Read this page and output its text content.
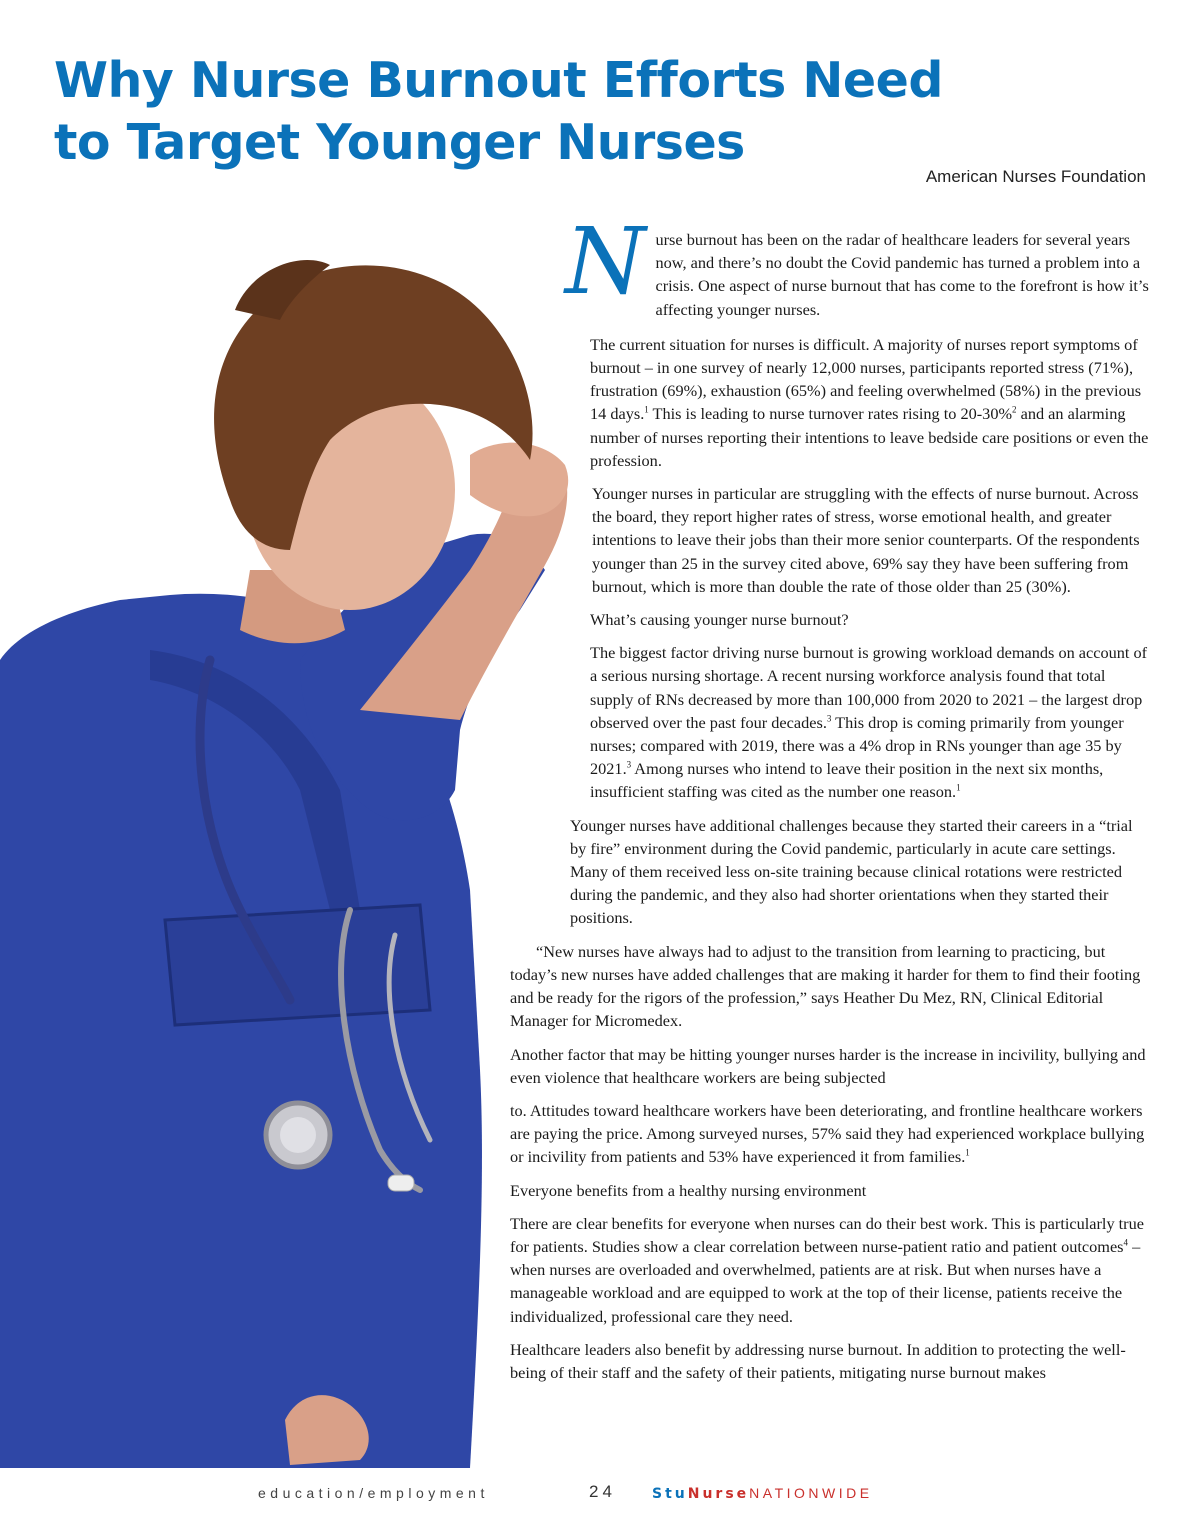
Why Nurse Burnout Efforts Need
to Target Younger Nurses
American Nurses Foundation

Nurse burnout has been on the radar of healthcare leaders for several years now, and there’s no doubt the Covid pandemic has turned a problem into a crisis. One aspect of nurse burnout that has come to the forefront is how it’s affecting younger nurses.

The current situation for nurses is difficult. A majority of nurses report symptoms of burnout – in one survey of nearly 12,000 nurses, participants reported stress (71%), frustration (69%), exhaustion (65%) and feeling overwhelmed (58%) in the previous 14 days.$^1$ This is leading to nurse turnover rates rising to 20-30%$^2$ and an alarming number of nurses reporting their intentions to leave bedside care positions or even the profession.

Younger nurses in particular are struggling with the effects of nurse burnout. Across the board, they report higher rates of stress, worse emotional health, and greater intentions to leave their jobs than their more senior counterparts. Of the respondents younger than 25 in the survey cited above, 69% say they have been suffering from burnout, which is more than double the rate of those older than 25 (30%).

What’s causing younger nurse burnout?

The biggest factor driving nurse burnout is growing workload demands on account of a serious nursing shortage. A recent nursing workforce analysis found that total supply of RNs decreased by more than 100,000 from 2020 to 2021 – the largest drop observed over the past four decades.$^3$ This drop is coming primarily from younger nurses; compared with 2019, there was a 4% drop in RNs younger than age 35 by 2021.$^3$ Among nurses who intend to leave their position in the next six months, insufficient staffing was cited as the number one reason.$^1$

Younger nurses have additional challenges because they started their careers in a “trial by fire” environment during the Covid pandemic, particularly in acute care settings. Many of them received less on-site training because clinical rotations were restricted during the pandemic, and they also had shorter orientations when they started their positions.

“New nurses have always had to adjust to the transition from learning to practicing, but today’s new nurses have added challenges that are making it harder for them to find their footing and be ready for the rigors of the profession,” says Heather Du Mez, RN, Clinical Editorial Manager for Micromedex.

Another factor that may be hitting younger nurses harder is the increase in incivility, bullying and even violence that healthcare workers are being subjected

to. Attitudes toward healthcare workers have been deteriorating, and frontline healthcare workers are paying the price. Among surveyed nurses, 57% said they had experienced workplace bullying or incivility from patients and 53% have experienced it from families.$^1$

Everyone benefits from a healthy nursing environment

There are clear benefits for everyone when nurses can do their best work. This is particularly true for patients. Studies show a clear correlation between nurse-patient ratio and patient outcomes$^4$ – when nurses are overloaded and overwhelmed, patients are at risk. But when nurses have a manageable workload and are equipped to work at the top of their license, patients receive the individualized, professional care they need.

Healthcare leaders also benefit by addressing nurse burnout. In addition to protecting the well-being of their staff and the safety of their patients, mitigating nurse burnout makes

education/employment	24	StuNurseNATIONWIDE
